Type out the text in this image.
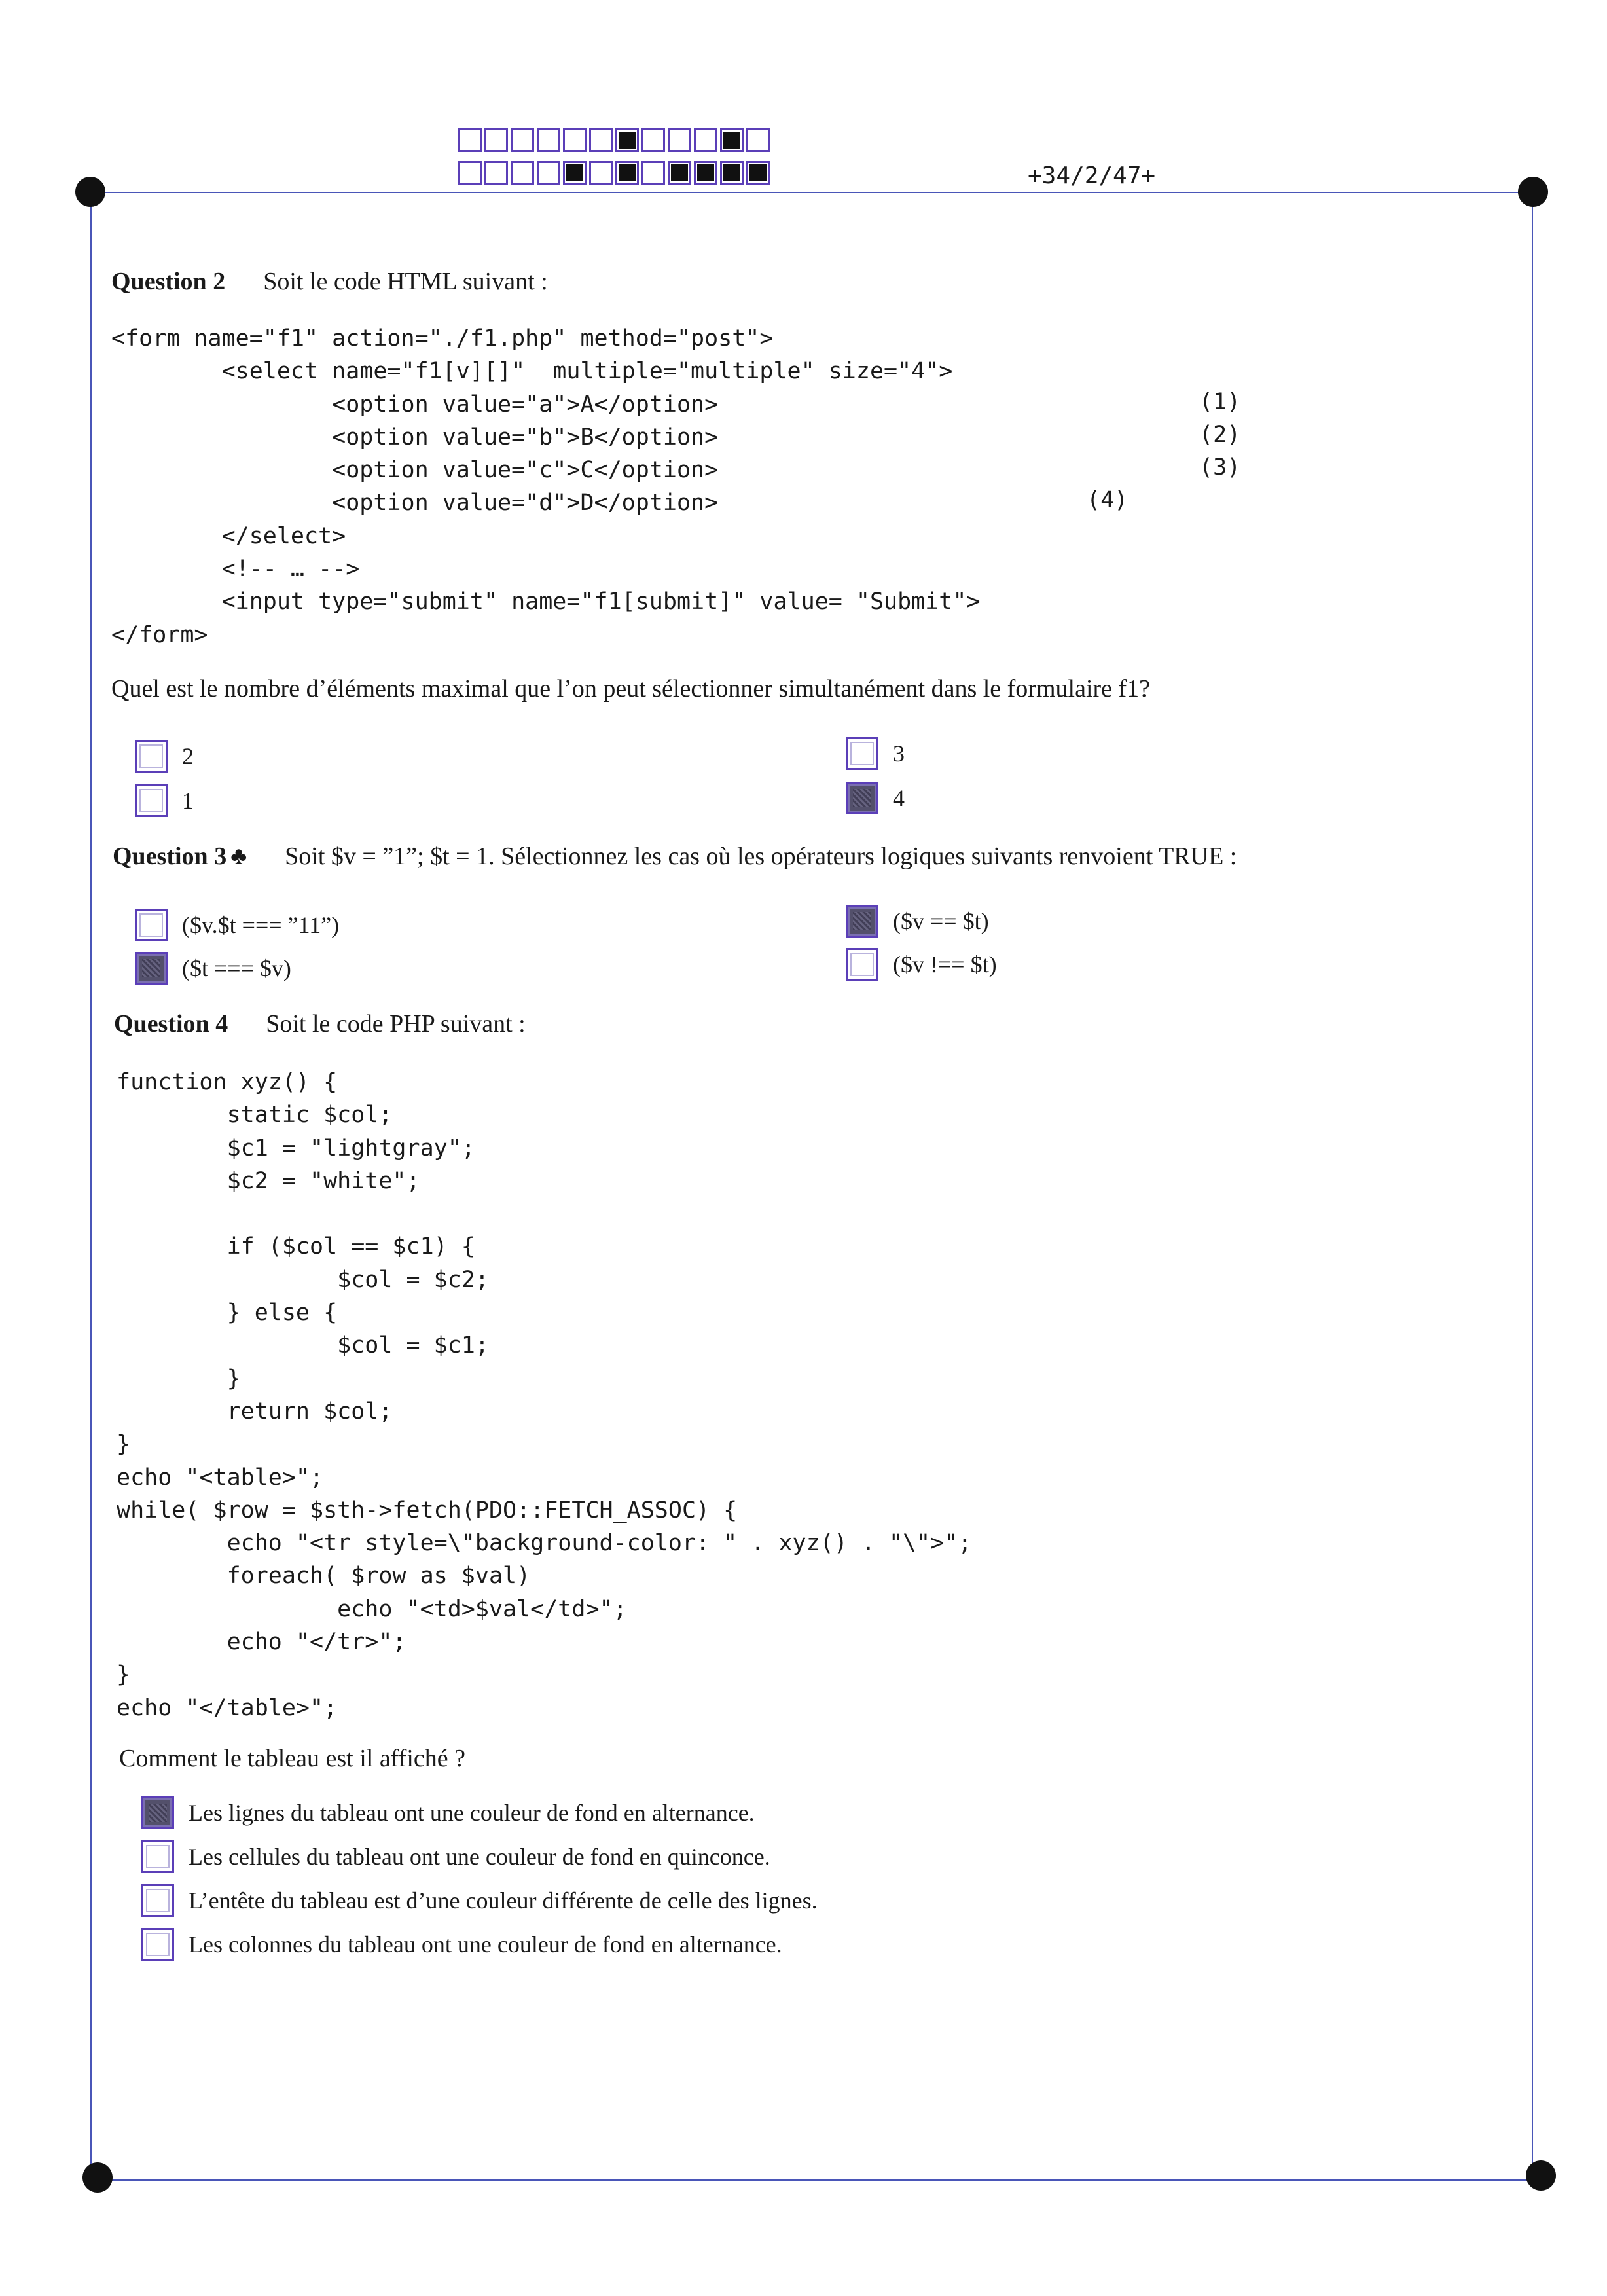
+34/2/47+
Question 2 Soit le code HTML suivant :
<form name="f1" action="./f1.php" method="post">
<select name="f1[v][]"  multiple="multiple" size="4">
<option value="a">A</option>
<option value="b">B</option>
<option value="c">C</option>
<option value="d">D</option>
</select>
<!-- … -->
<input type="submit" name="f1[submit]" value= "Submit">
</form>
(1)
(2)
(3)
(4)
Quel est le nombre d’éléments maximal que l’on peut sélectionner simultanément dans le formulaire f1?
2
1
3
4
Question 3 ♣ Soit $v = ”1”; $t = 1. Sélectionnez les cas où les opérateurs logiques suivants renvoient TRUE :
($v.$t === ”11”)
($t === $v)
($v == $t)
($v !== $t)
Question 4 Soit le code PHP suivant :
function xyz() {
static $col;
$c1 = "lightgray";
$c2 = "white";

if ($col == $c1) {
$col = $c2;
} else {
$col = $c1;
}
return $col;
}
echo "<table>";
while( $row = $sth->fetch(PDO::FETCH_ASSOC) {
echo "<tr style=\"background-color: " . xyz() . "\">";
foreach( $row as $val)
echo "<td>$val</td>";
echo "</tr>";
}
echo "</table>";
Comment le tableau est il affiché ?
Les lignes du tableau ont une couleur de fond en alternance.
Les cellules du tableau ont une couleur de fond en quinconce.
L’entête du tableau est d’une couleur différente de celle des lignes.
Les colonnes du tableau ont une couleur de fond en alternance.
